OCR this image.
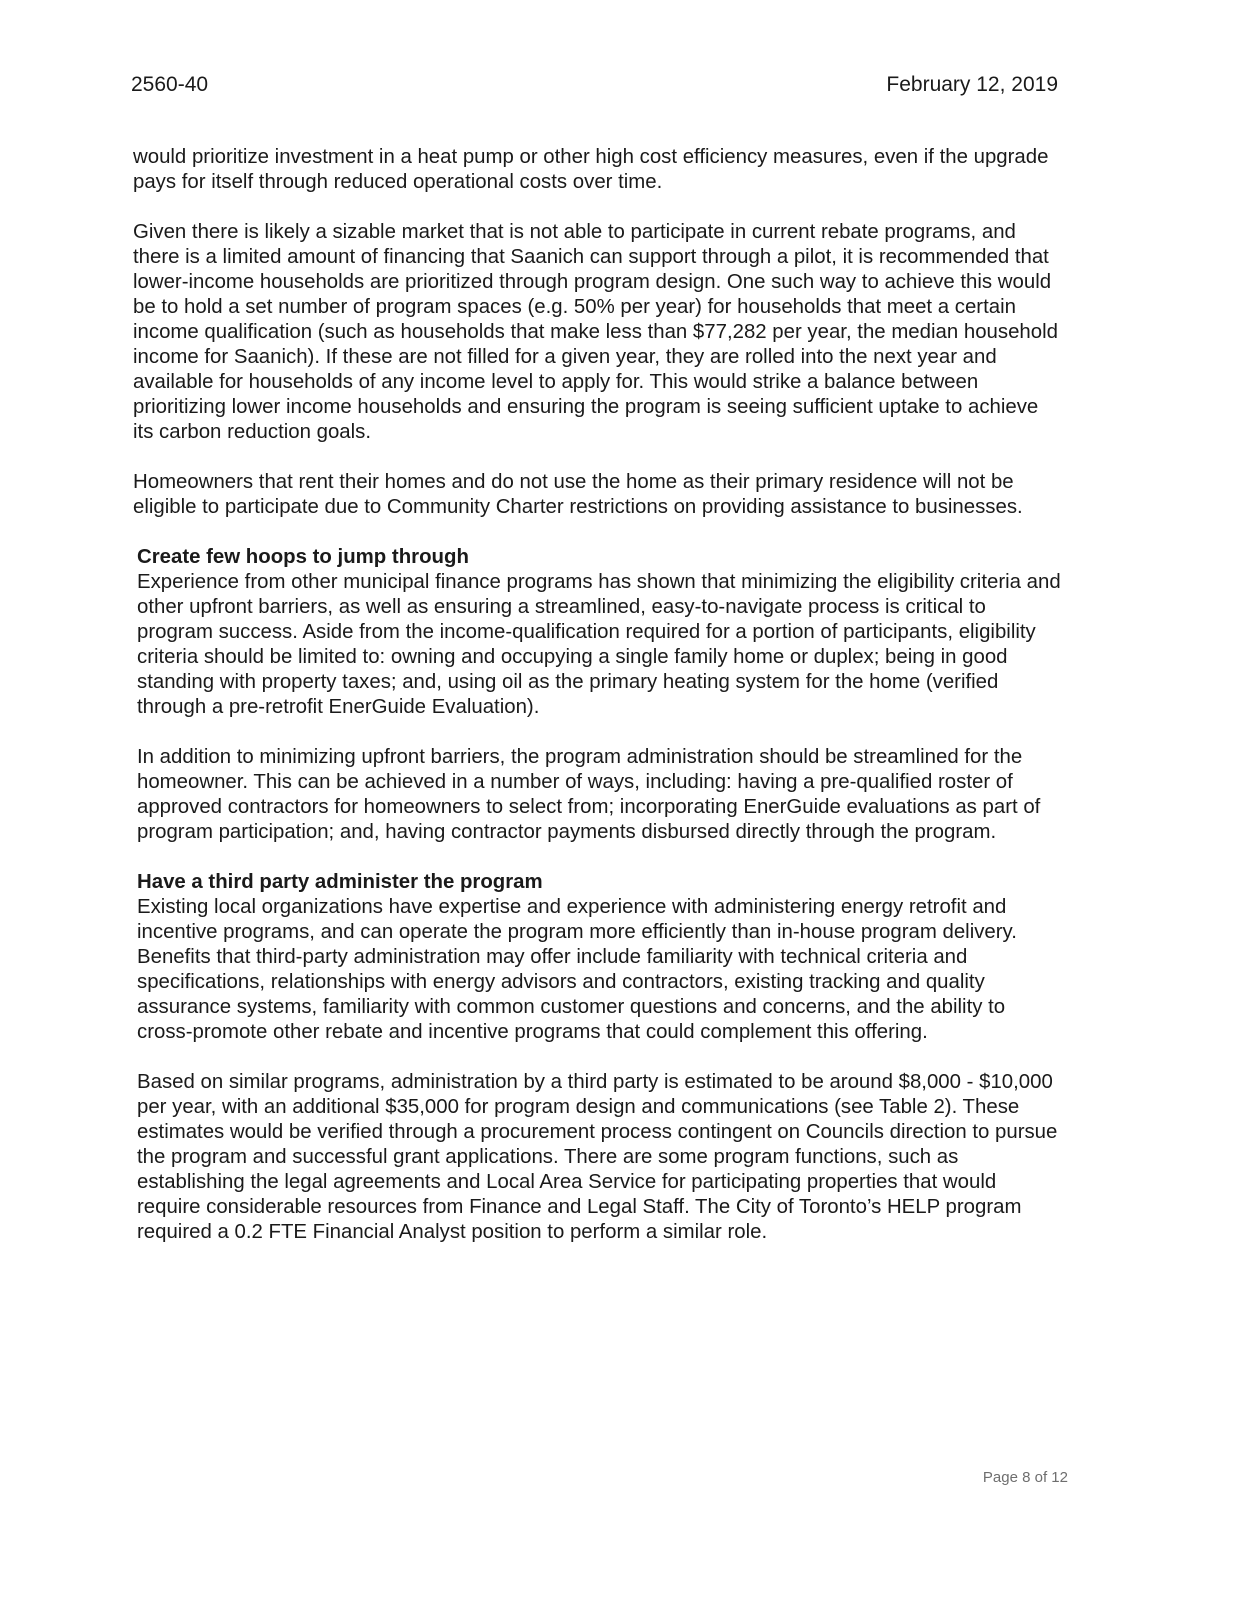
2560-40	February 12, 2019

would prioritize investment in a heat pump or other high cost efficiency measures, even if the upgrade pays for itself through reduced operational costs over time.

Given there is likely a sizable market that is not able to participate in current rebate programs, and there is a limited amount of financing that Saanich can support through a pilot, it is recommended that lower-income households are prioritized through program design. One such way to achieve this would be to hold a set number of program spaces (e.g. 50% per year) for households that meet a certain income qualification (such as households that make less than $77,282 per year, the median household income for Saanich). If these are not filled for a given year, they are rolled into the next year and available for households of any income level to apply for. This would strike a balance between prioritizing lower income households and ensuring the program is seeing sufficient uptake to achieve its carbon reduction goals.

Homeowners that rent their homes and do not use the home as their primary residence will not be eligible to participate due to Community Charter restrictions on providing assistance to businesses.

Create few hoops to jump through

Experience from other municipal finance programs has shown that minimizing the eligibility criteria and other upfront barriers, as well as ensuring a streamlined, easy-to-navigate process is critical to program success. Aside from the income-qualification required for a portion of participants, eligibility criteria should be limited to: owning and occupying a single family home or duplex; being in good standing with property taxes; and, using oil as the primary heating system for the home (verified through a pre-retrofit EnerGuide Evaluation).

In addition to minimizing upfront barriers, the program administration should be streamlined for the homeowner. This can be achieved in a number of ways, including: having a pre-qualified roster of approved contractors for homeowners to select from; incorporating EnerGuide evaluations as part of program participation; and, having contractor payments disbursed directly through the program.

Have a third party administer the program

Existing local organizations have expertise and experience with administering energy retrofit and incentive programs, and can operate the program more efficiently than in-house program delivery. Benefits that third-party administration may offer include familiarity with technical criteria and specifications, relationships with energy advisors and contractors, existing tracking and quality assurance systems, familiarity with common customer questions and concerns, and the ability to cross-promote other rebate and incentive programs that could complement this offering.

Based on similar programs, administration by a third party is estimated to be around $8,000 - $10,000 per year, with an additional $35,000 for program design and communications (see Table 2). These estimates would be verified through a procurement process contingent on Councils direction to pursue the program and successful grant applications. There are some program functions, such as establishing the legal agreements and Local Area Service for participating properties that would require considerable resources from Finance and Legal Staff. The City of Toronto’s HELP program required a 0.2 FTE Financial Analyst position to perform a similar role.

Page 8 of 12
